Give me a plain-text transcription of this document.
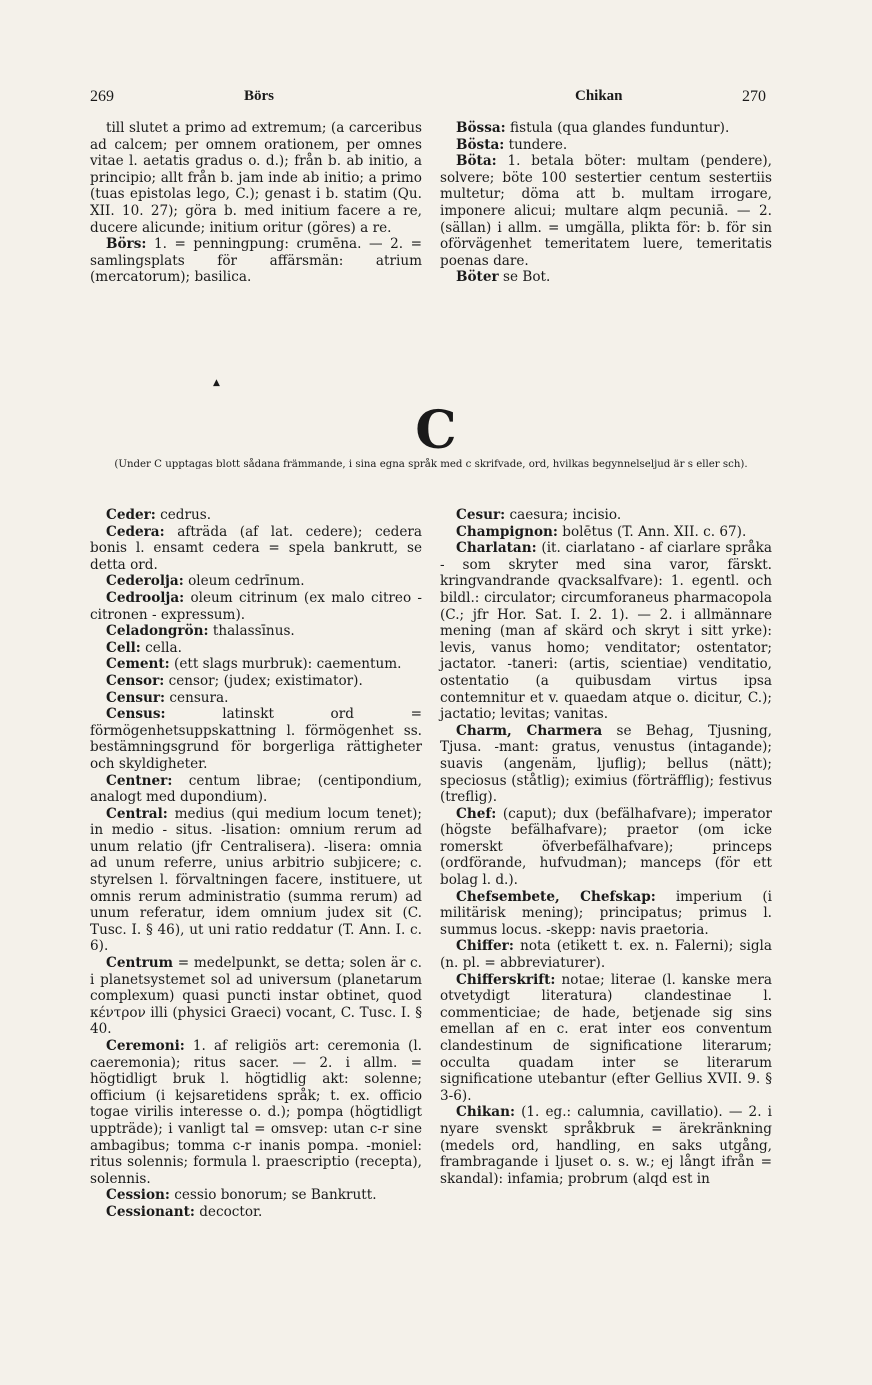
269	Börs	Chikan	270

till slutet a primo ad extremum; (a carceribus ad calcem; per omnem orationem, per omnes vitae l. aetatis gradus o. d.); från b. ab initio, a principio; allt från b. jam inde ab initio; a primo (tuas epistolas lego, C.); genast i b. statim (Qu. XII. 10. 27); göra b. med initium facere a re, ducere alicunde; initium oritur (göres) a re.

Börs: 1. = penningpung: crumēna. — 2. = samlingsplats för affärsmän: atrium (mercatorum); basilica.

Bössa: fistula (qua glandes funduntur).

Bösta: tundere.

Böta: 1. betala böter: multam (pendere), solvere; böte 100 sestertier centum sestertiis multetur; döma att b. multam irrogare, imponere alicui; multare alqm pecuniā. — 2. (sällan) i allm. = umgälla, plikta för: b. för sin oförvägenhet temeritatem luere, temeritatis poenas dare.

Böter se Bot.

▲
C
(Under C upptagas blott sådana främmande, i sina egna språk med c skrifvade, ord, hvilkas begynnelseljud är s eller sch).

Ceder: cedrus.

Cedera: afträda (af lat. cedere); cedera bonis l. ensamt cedera = spela bankrutt, se detta ord.

Cederolja: oleum cedrīnum.

Cedroolja: oleum citrinum (ex malo citreo - citronen - expressum).

Celadongrön: thalassīnus.

Cell: cella.

Cement: (ett slags murbruk): caementum.

Censor: censor; (judex; existimator).

Censur: censura.

Census:	latinskt ord = förmögenhetsuppskattning l. förmögenhet ss. bestämningsgrund för borgerliga rättigheter och skyldigheter.

Centner: centum librae; (centipondium, analogt med dupondium).

Central: medius (qui medium locum tenet); in medio - situs. -lisation: omnium rerum ad unum relatio (jfr Centralisera). -lisera: omnia ad unum referre, unius arbitrio subjicere; c. styrelsen l. förvaltningen facere, instituere, ut omnis rerum administratio (summa rerum) ad unum referatur, idem omnium judex sit (C. Tusc. I. § 46), ut uni ratio reddatur (T. Ann. I. c. 6).

Centrum = medelpunkt, se detta; solen är c. i planetsystemet sol ad universum (planetarum complexum) quasi puncti instar obtinet, quod κέντρον illi (physici Graeci) vocant, C. Tusc. I. § 40.

Ceremoni: 1. af religiös art: ceremonia (l. caeremonia); ritus sacer. — 2. i allm. = högtidligt bruk l. högtidlig akt: solenne; officium (i kejsaretidens språk; t. ex. officio togae virilis interesse o. d.); pompa (högtidligt uppträde); i vanligt tal = omsvep: utan c-r sine ambagibus; tomma c-r inanis pompa. -moniel: ritus solennis; formula l. praescriptio (recepta), solennis.

Cession: cessio bonorum; se Bankrutt.

Cessionant: decoctor.

Cesur: caesura; incisio.

Champignon: bolētus (T. Ann. XII. c. 67).

Charlatan: (it. ciarlatano - af ciarlare språka - som skryter med sina varor, färskt. kringvandrande qvacksalfvare): 1. egentl. och bildl.: circulator; circumforaneus pharmacopola (C.; jfr Hor. Sat. I. 2. 1). — 2. i allmännare mening (man af skärd och skryt i sitt yrke): levis, vanus homo; venditator; ostentator; jactator. -taneri: (artis, scientiae) venditatio, ostentatio (a quibusdam virtus ipsa contemnitur et v. quaedam atque o. dicitur, C.); jactatio; levitas; vanitas.

Charm, Charmera se Behag, Tjusning, Tjusa. -mant: gratus, venustus (intagande); suavis (angenäm, ljuflig); bellus (nätt); speciosus (ståtlig); eximius (förträfflig); festivus (treflig).

Chef: (caput); dux (befälhafvare); imperator (högste befälhafvare); praetor (om icke romerskt öfverbefälhafvare); princeps (ordförande, hufvudman); manceps (för ett bolag l. d.).

Chefsembete, Chefskap: imperium (i militärisk mening); principatus; primus l. summus locus. -skepp: navis praetoria.

Chiffer: nota (etikett t. ex. n. Falerni); sigla (n. pl. = abbreviaturer).

Chifferskrift: notae; literae (l. kanske mera otvetydigt literatura) clandestinae l. commenticiae; de hade, betjenade sig sins emellan af en c. erat inter eos conventum clandestinum de significatione literarum; occulta quadam inter se literarum significatione utebantur (efter Gellius XVII. 9. § 3-6).

Chikan: (1. eg.: calumnia, cavillatio). — 2. i nyare svenskt språkbruk = ärekränkning (medels ord, handling, en saks utgång, frambragande i ljuset o. s. w.; ej långt ifrån = skandal): infamia; probrum (alqd est in
